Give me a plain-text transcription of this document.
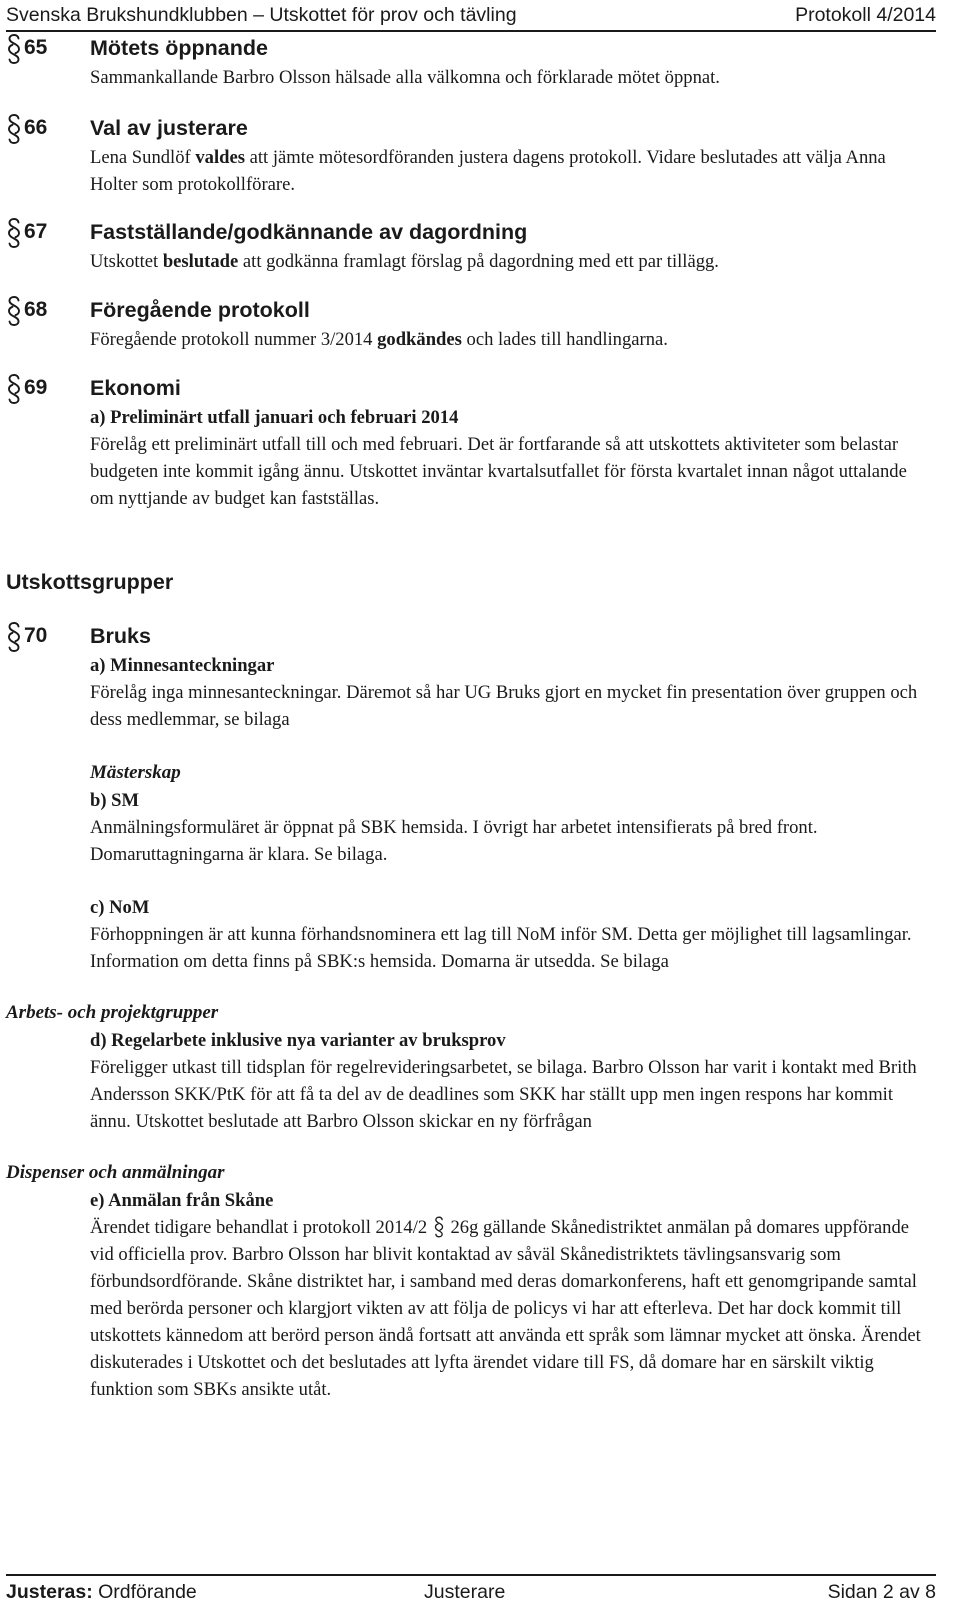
Svenska Brukshundklubben – Utskottet för prov och tävling	Protokoll 4/2014
65 Mötets öppnande

Sammankallande Barbro Olsson hälsade alla välkomna och förklarade mötet öppnat.

66 Val av justerare

Lena Sundlöf valdes att jämte mötesordföranden justera dagens protokoll. Vidare beslutades att välja Anna Holter som protokollförare.

67 Fastställande/godkännande av dagordning

Utskottet beslutade att godkänna framlagt förslag på dagordning med ett par tillägg.

68 Föregående protokoll

Föregående protokoll nummer 3/2014 godkändes och lades till handlingarna.

69 Ekonomi

a) Preliminärt utfall januari och februari 2014

Förelåg ett preliminärt utfall till och med februari. Det är fortfarande så att utskottets aktiviteter som belastar budgeten inte kommit igång ännu. Utskottet inväntar kvartalsutfallet för första kvartalet innan något uttalande om nyttjande av budget kan fastställas.

Utskottsgrupper

70 Bruks

a) Minnesanteckningar

Förelåg inga minnesanteckningar. Däremot så har UG Bruks gjort en mycket fin presentation över gruppen och dess medlemmar, se bilaga

Mästerskap

b) SM

Anmälningsformuläret är öppnat på SBK hemsida. I övrigt har arbetet intensifierats på bred front. Domaruttagningarna är klara. Se bilaga.

c) NoM

Förhoppningen är att kunna förhandsnominera ett lag till NoM inför SM. Detta ger möjlighet till lagsamlingar. Information om detta finns på SBK:s hemsida. Domarna är utsedda. Se bilaga

Arbets- och projektgrupper

d) Regelarbete inklusive nya varianter av bruksprov

Föreligger utkast till tidsplan för regelrevideringsarbetet, se bilaga. Barbro Olsson har varit i kontakt med Brith Andersson SKK/PtK för att få ta del av de deadlines som SKK har ställt upp men ingen respons har kommit ännu. Utskottet beslutade att Barbro Olsson skickar en ny förfrågan

Dispenser och anmälningar

e) Anmälan från Skåne

Ärendet tidigare behandlat i protokoll 2014/2  26g gällande Skånedistriktet anmälan på domares uppförande vid officiella prov. Barbro Olsson har blivit kontaktad av såväl Skånedistriktets tävlingsansvarig som förbundsordförande. Skåne distriktet har, i samband med deras domarkonferens, haft ett genomgripande samtal med berörda personer och klargjort vikten av att följa de policys vi har att efterleva. Det har dock kommit till utskottets kännedom att berörd person ändå fortsatt att använda ett språk som lämnar mycket att önska. Ärendet diskuterades i Utskottet och det beslutades att lyfta ärendet vidare till FS, då domare har en särskilt viktig funktion som SBKs ansikte utåt.

Justeras: Ordförande	Justerare	Sidan 2 av 8
